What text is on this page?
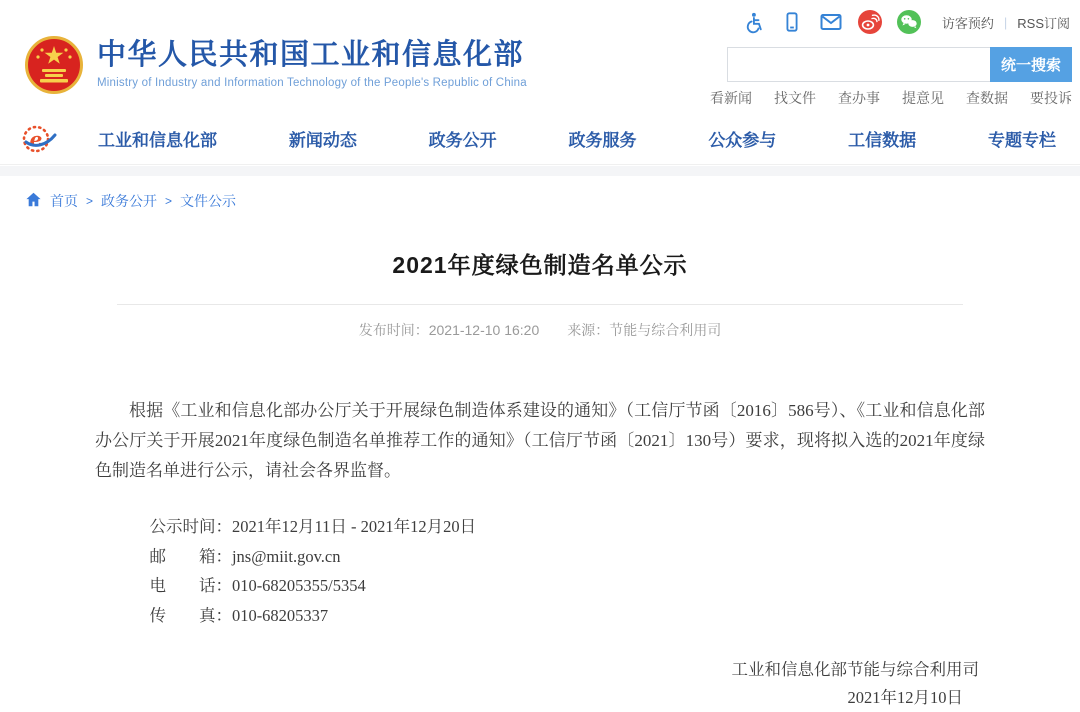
访客预约 | RSS订阅
中华人民共和国工业和信息化部
Ministry of Industry and Information Technology of the People's Republic of China
统一搜索
看新闻 找文件 查办事 提意见 查数据 要投诉
e	工业和信息化部	新闻动态	政务公开	政务服务	公众参与	工信数据	专题专栏
首页 > 政务公开 > 文件公示
2021年度绿色制造名单公示
发布时间：2021-12-10 16:20 来源：节能与综合利用司

根据《工业和信息化部办公厅关于开展绿色制造体系建设的通知》（工信厅节函〔2016〕586号）、《工业和信息化部办公厅关于开展2021年度绿色制造名单推荐工作的通知》（工信厅节函〔2021〕130号）要求，现将拟入选的2021年度绿色制造名单进行公示，请社会各界监督。

公示时间：2021年12月11日 - 2021年12月20日
邮　　箱：jns@miit.gov.cn
电　　话：010-68205355/5354
传　　真：010-68205337
工业和信息化部节能与综合利用司
2021年12月10日
